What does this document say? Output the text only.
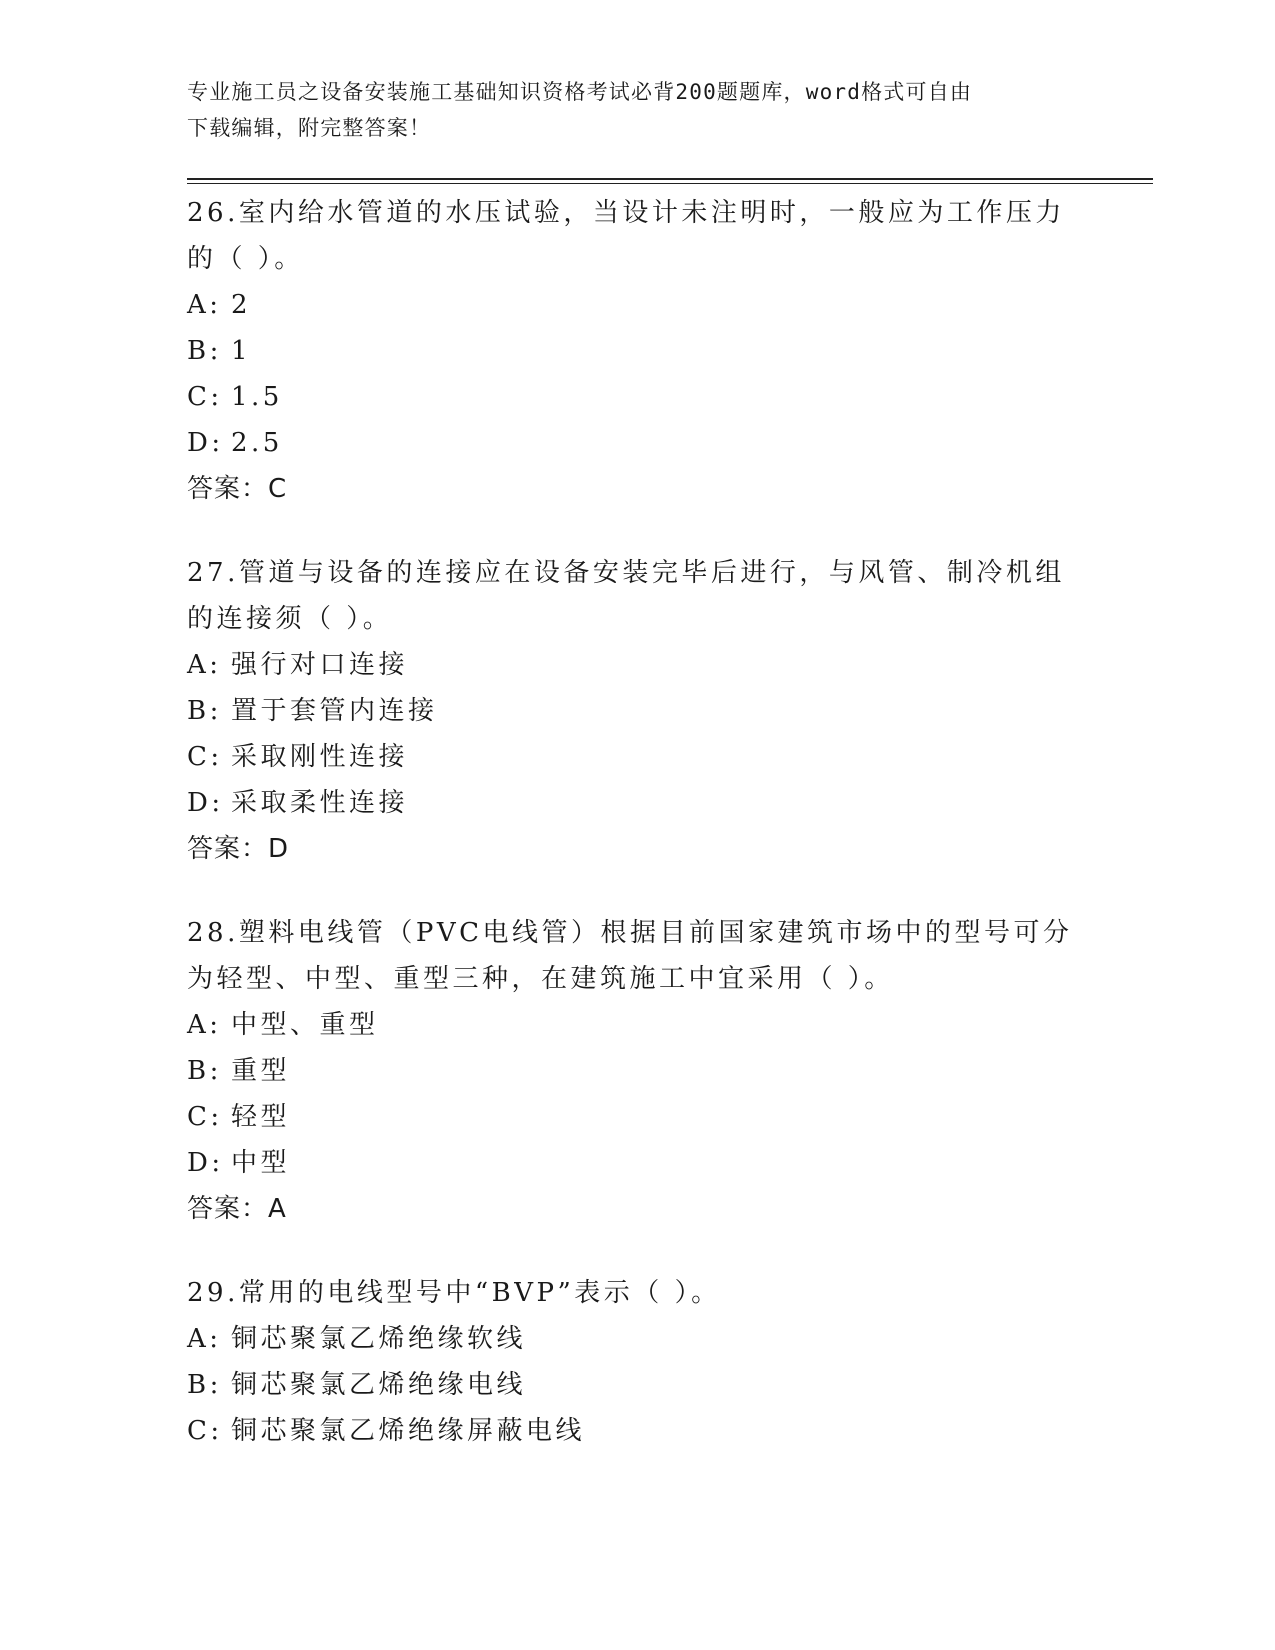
专业施工员之设备安装施工基础知识资格考试必背200题题库，word格式可自由
下载编辑，附完整答案！
26.室内给水管道的水压试验，当设计未注明时，一般应为工作压力的（ ）。
A: 2
B: 1
C: 1.5
D: 2.5
答案：C
27.管道与设备的连接应在设备安装完毕后进行，与风管、制冷机组的连接须（ ）。
A: 强行对口连接
B: 置于套管内连接
C: 采取刚性连接
D: 采取柔性连接
答案：D
28.塑料电线管（PVC电线管）根据目前国家建筑市场中的型号可分为轻型、中型、重型三种，在建筑施工中宜采用（ ）。
A: 中型、重型
B: 重型
C: 轻型
D: 中型
答案：A
29.常用的电线型号中“BVP”表示（ ）。
A: 铜芯聚氯乙烯绝缘软线
B: 铜芯聚氯乙烯绝缘电线
C: 铜芯聚氯乙烯绝缘屏蔽电线
